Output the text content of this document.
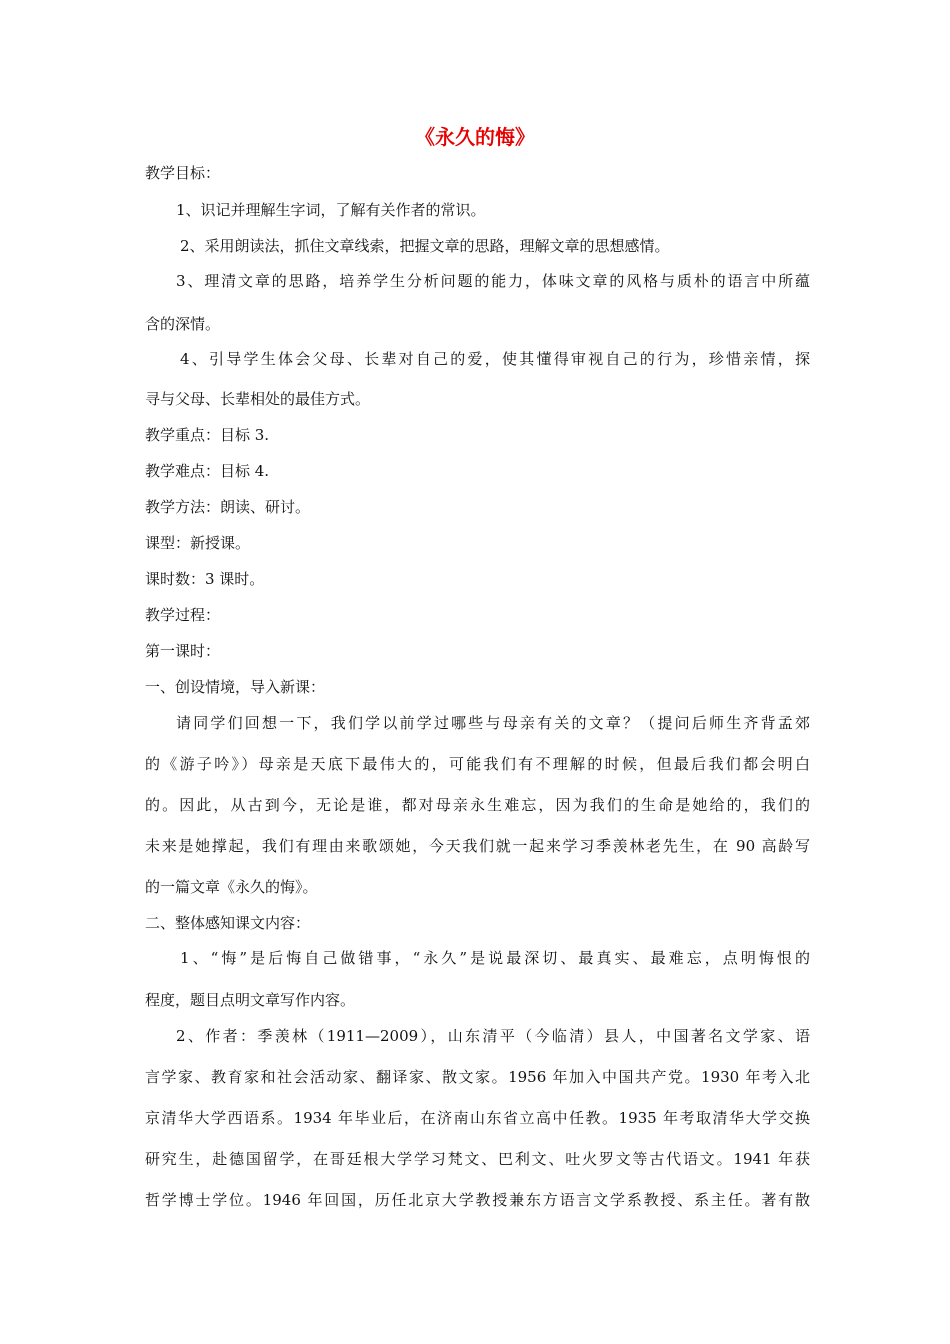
《永久的悔》
教学目标：
1、识记并理解生字词，了解有关作者的常识。
2、采用朗读法，抓住文章线索，把握文章的思路，理解文章的思想感情。
3、理清文章的思路，培养学生分析问题的能力，体味文章的风格与质朴的语言中所蕴
含的深情。
4、引导学生体会父母、长辈对自己的爱，使其懂得审视自己的行为，珍惜亲情，探
寻与父母、长辈相处的最佳方式。
教学重点：目标 3.
教学难点：目标 4.
教学方法：朗读、研讨。
课型：新授课。
课时数：3 课时。
教学过程：
第一课时：
一、创设情境，导入新课：
请同学们回想一下，我们学以前学过哪些与母亲有关的文章？（提问后师生齐背孟郊
的《游子吟》）母亲是天底下最伟大的，可能我们有不理解的时候，但最后我们都会明白
的。因此，从古到今，无论是谁，都对母亲永生难忘，因为我们的生命是她给的，我们的
未来是她撑起，我们有理由来歌颂她，今天我们就一起来学习季羡林老先生，在 90 高龄写
的一篇文章《永久的悔》。
二、整体感知课文内容：
1、“悔”是后悔自己做错事，“永久”是说最深切、最真实、最难忘，点明悔恨的
程度，题目点明文章写作内容。
2、作者：季羡林（1911—2009），山东清平（今临清）县人，中国著名文学家、语
言学家、教育家和社会活动家、翻译家、散文家。1956 年加入中国共产党。1930 年考入北
京清华大学西语系。1934 年毕业后，在济南山东省立高中任教。1935 年考取清华大学交换
研究生，赴德国留学，在哥廷根大学学习梵文、巴利文、吐火罗文等古代语文。1941 年获
哲学博士学位。1946 年回国，历任北京大学教授兼东方语言文学系教授、系主任。著有散
